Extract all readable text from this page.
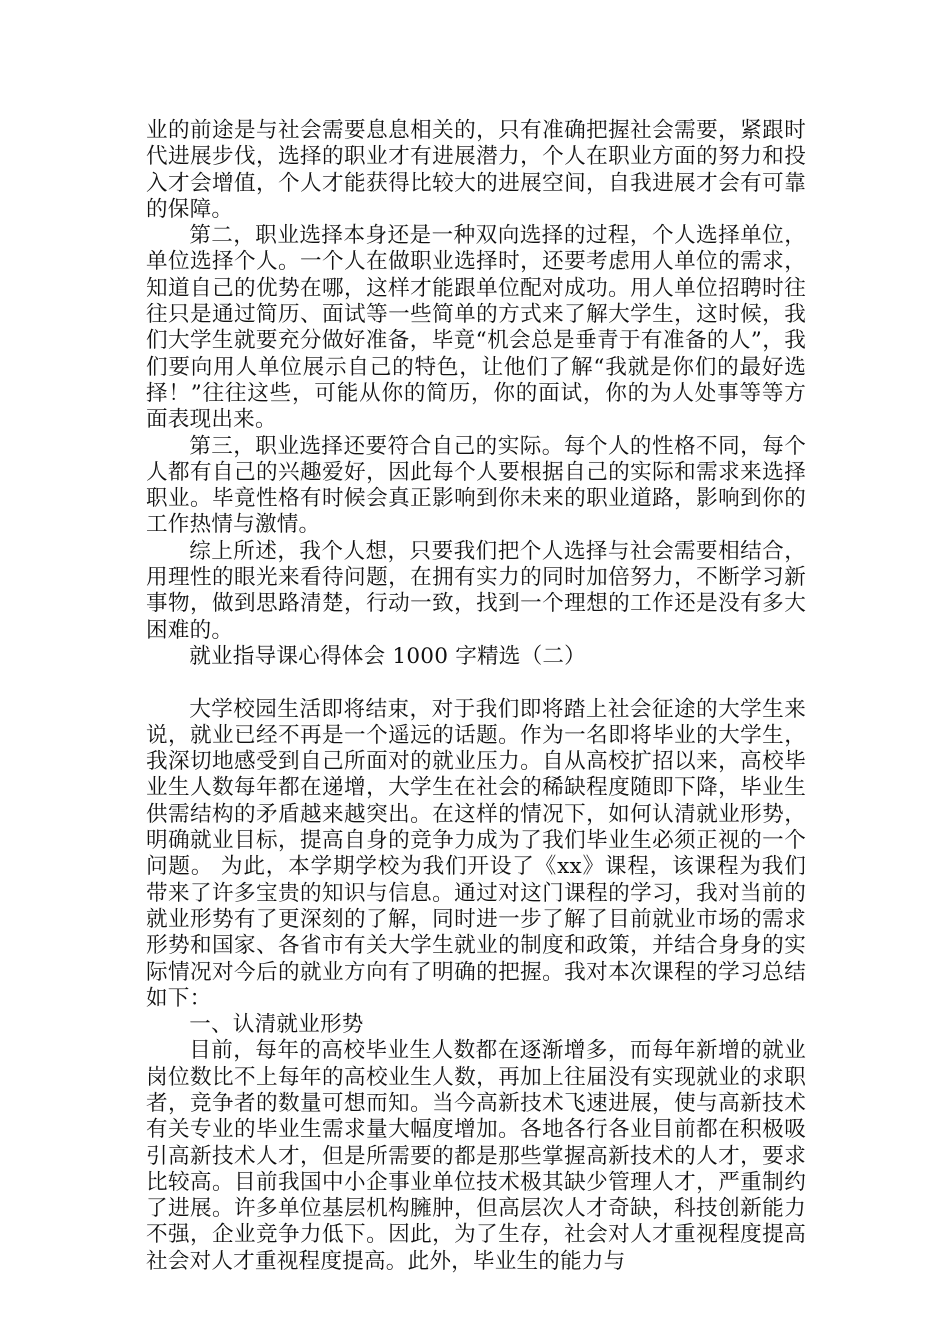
业的前途是与社会需要息息相关的，只有准确把握社会需要，紧跟时代进展步伐，选择的职业才有进展潜力，个人在职业方面的努力和投入才会增值，个人才能获得比较大的进展空间，自我进展才会有可靠的保障。

第二，职业选择本身还是一种双向选择的过程，个人选择单位，单位选择个人。一个人在做职业选择时，还要考虑用人单位的需求，知道自己的优势在哪，这样才能跟单位配对成功。用人单位招聘时往往只是通过简历、面试等一些简单的方式来了解大学生，这时候，我们大学生就要充分做好准备，毕竟“机会总是垂青于有准备的人”，我们要向用人单位展示自己的特色，让他们了解“我就是你们的最好选择！”往往这些，可能从你的简历，你的面试，你的为人处事等等方面表现出来。

第三，职业选择还要符合自己的实际。每个人的性格不同，每个人都有自己的兴趣爱好，因此每个人要根据自己的实际和需求来选择职业。毕竟性格有时候会真正影响到你未来的职业道路，影响到你的工作热情与激情。

综上所述，我个人想，只要我们把个人选择与社会需要相结合，用理性的眼光来看待问题，在拥有实力的同时加倍努力，不断学习新事物，做到思路清楚，行动一致，找到一个理想的工作还是没有多大困难的。

就业指导课心得体会 1000 字精选（二）

大学校园生活即将结束，对于我们即将踏上社会征途的大学生来说，就业已经不再是一个遥远的话题。作为一名即将毕业的大学生，我深切地感受到自己所面对的就业压力。自从高校扩招以来，高校毕业生人数每年都在递增，大学生在社会的稀缺程度随即下降，毕业生供需结构的矛盾越来越突出。在这样的情况下，如何认清就业形势，明确就业目标，提高自身的竞争力成为了我们毕业生必须正视的一个问题。 为此，本学期学校为我们开设了《xx》课程，该课程为我们带来了许多宝贵的知识与信息。通过对这门课程的学习，我对当前的就业形势有了更深刻的了解，同时进一步了解了目前就业市场的需求形势和国家、各省市有关大学生就业的制度和政策，并结合身身的实际情况对今后的就业方向有了明确的把握。我对本次课程的学习总结如下：

一、认清就业形势

目前，每年的高校毕业生人数都在逐渐增多，而每年新增的就业岗位数比不上每年的高校业生人数，再加上往届没有实现就业的求职者，竞争者的数量可想而知。当今高新技术飞速进展，使与高新技术有关专业的毕业生需求量大幅度增加。各地各行各业目前都在积极吸引高新技术人才，但是所需要的都是那些掌握高新技术的人才，要求比较高。目前我国中小企事业单位技术极其缺少管理人才，严重制约了进展。许多单位基层机构臃肿，但高层次人才奇缺，科技创新能力不强，企业竞争力低下。因此，为了生存，社会对人才重视程度提高社会对人才重视程度提高。此外，毕业生的能力与
